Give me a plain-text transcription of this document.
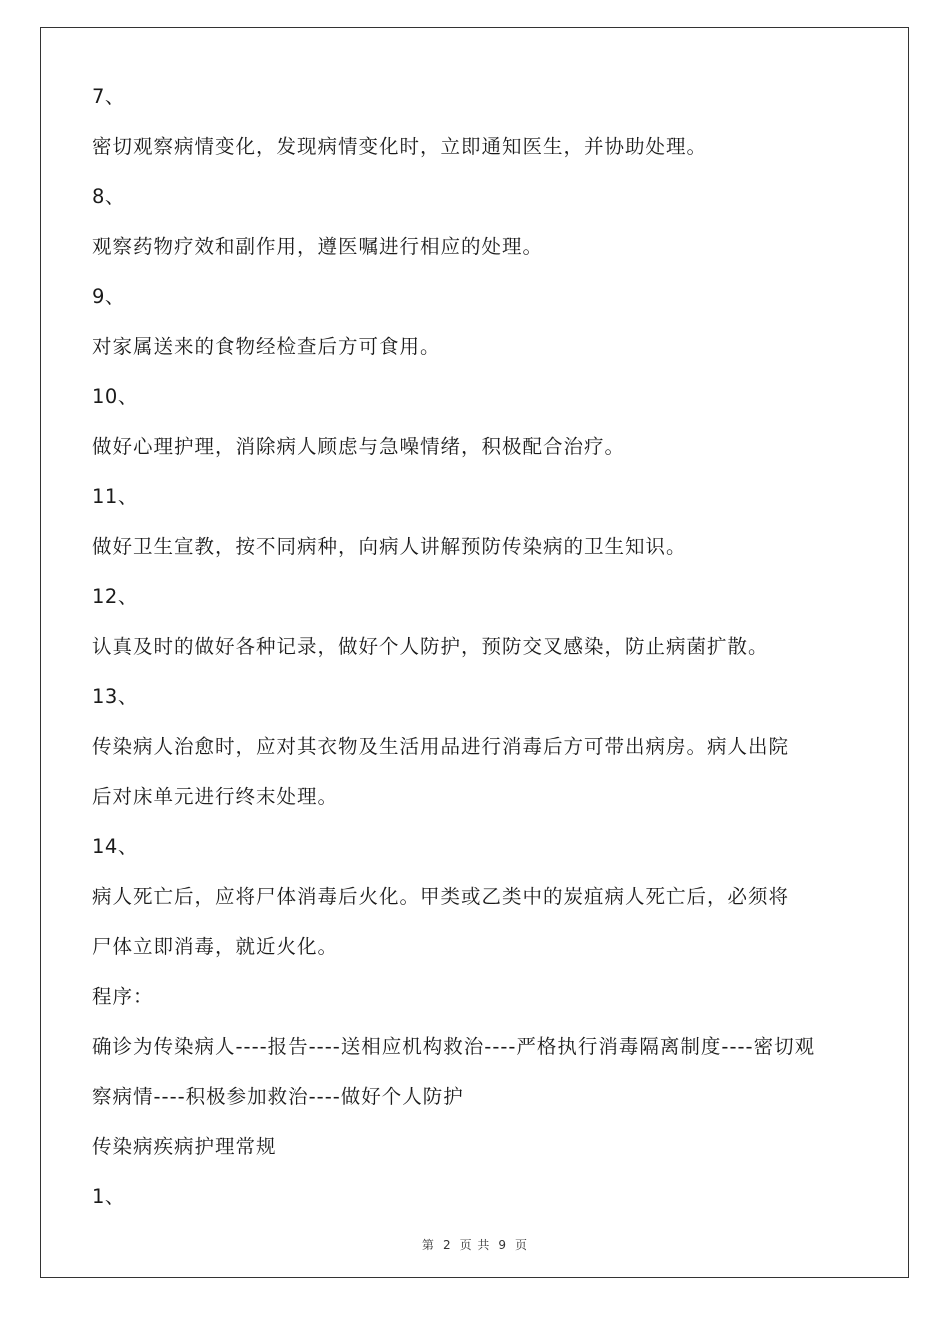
7、
密切观察病情变化，发现病情变化时，立即通知医生，并协助处理。
8、
观察药物疗效和副作用，遵医嘱进行相应的处理。
9、
对家属送来的食物经检查后方可食用。
10、
做好心理护理，消除病人顾虑与急噪情绪，积极配合治疗。
11、
做好卫生宣教，按不同病种，向病人讲解预防传染病的卫生知识。
12、
认真及时的做好各种记录，做好个人防护，预防交叉感染，防止病菌扩散。
13、
传染病人治愈时，应对其衣物及生活用品进行消毒后方可带出病房。病人出院
后对床单元进行终末处理。
14、
病人死亡后，应将尸体消毒后火化。甲类或乙类中的炭疽病人死亡后，必须将
尸体立即消毒，就近火化。
程序：
确诊为传染病人----报告----送相应机构救治----严格执行消毒隔离制度----密切观
察病情----积极参加救治----做好个人防护
传染病疾病护理常规
1、
第 2 页 共 9 页
